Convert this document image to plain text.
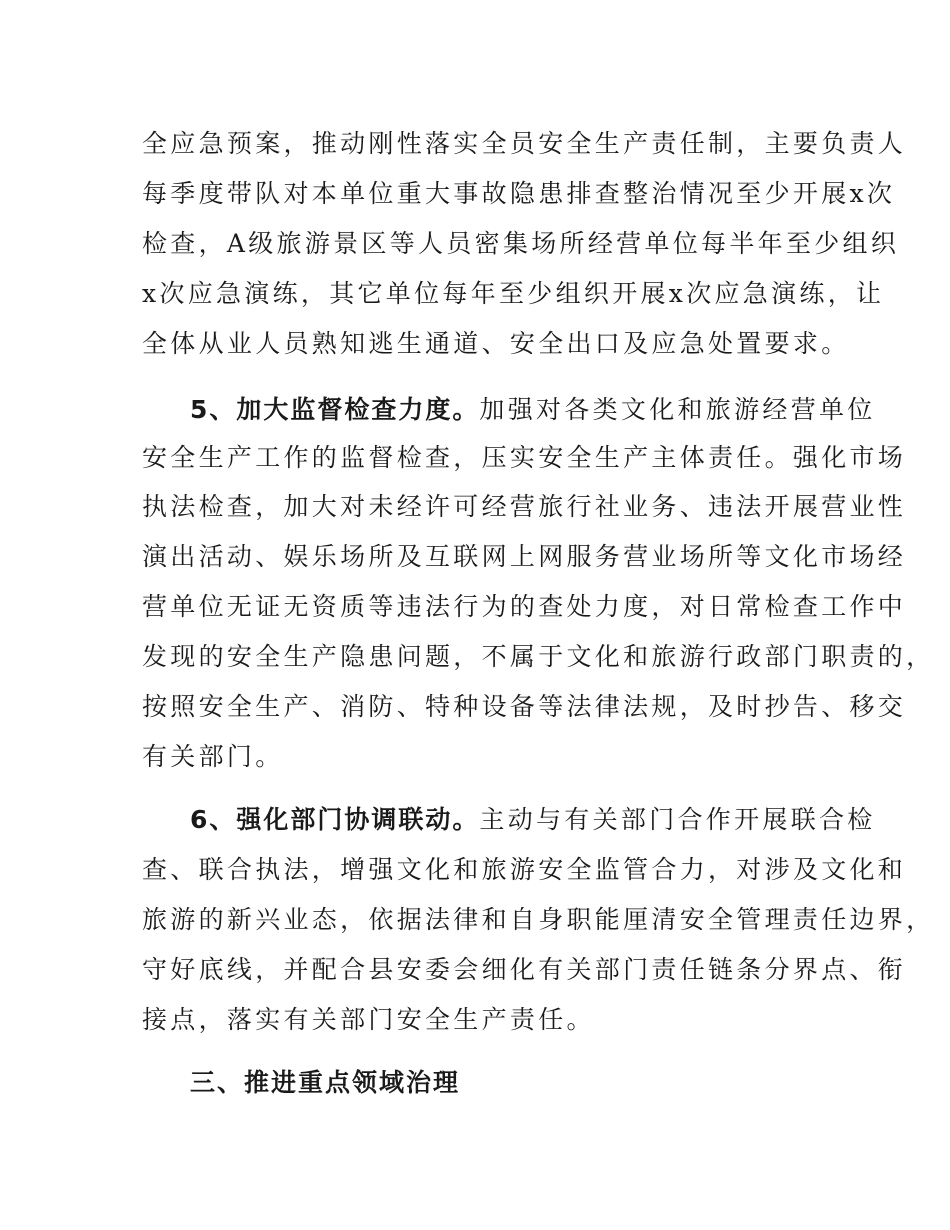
全应急预案，推动刚性落实全员安全生产责任制，主要负责人

每季度带队对本单位重大事故隐患排查整治情况至少开展x次

检查，A级旅游景区等人员密集场所经营单位每半年至少组织

x次应急演练，其它单位每年至少组织开展x次应急演练，让

全体从业人员熟知逃生通道、安全出口及应急处置要求。

5、加大监督检查力度。加强对各类文化和旅游经营单位

安全生产工作的监督检查，压实安全生产主体责任。强化市场

执法检查，加大对未经许可经营旅行社业务、违法开展营业性

演出活动、娱乐场所及互联网上网服务营业场所等文化市场经

营单位无证无资质等违法行为的查处力度，对日常检查工作中

发现的安全生产隐患问题，不属于文化和旅游行政部门职责的，

按照安全生产、消防、特种设备等法律法规，及时抄告、移交

有关部门。

6、强化部门协调联动。主动与有关部门合作开展联合检

查、联合执法，增强文化和旅游安全监管合力，对涉及文化和

旅游的新兴业态，依据法律和自身职能厘清安全管理责任边界，

守好底线，并配合县安委会细化有关部门责任链条分界点、衔

接点，落实有关部门安全生产责任。

三、推进重点领域治理
